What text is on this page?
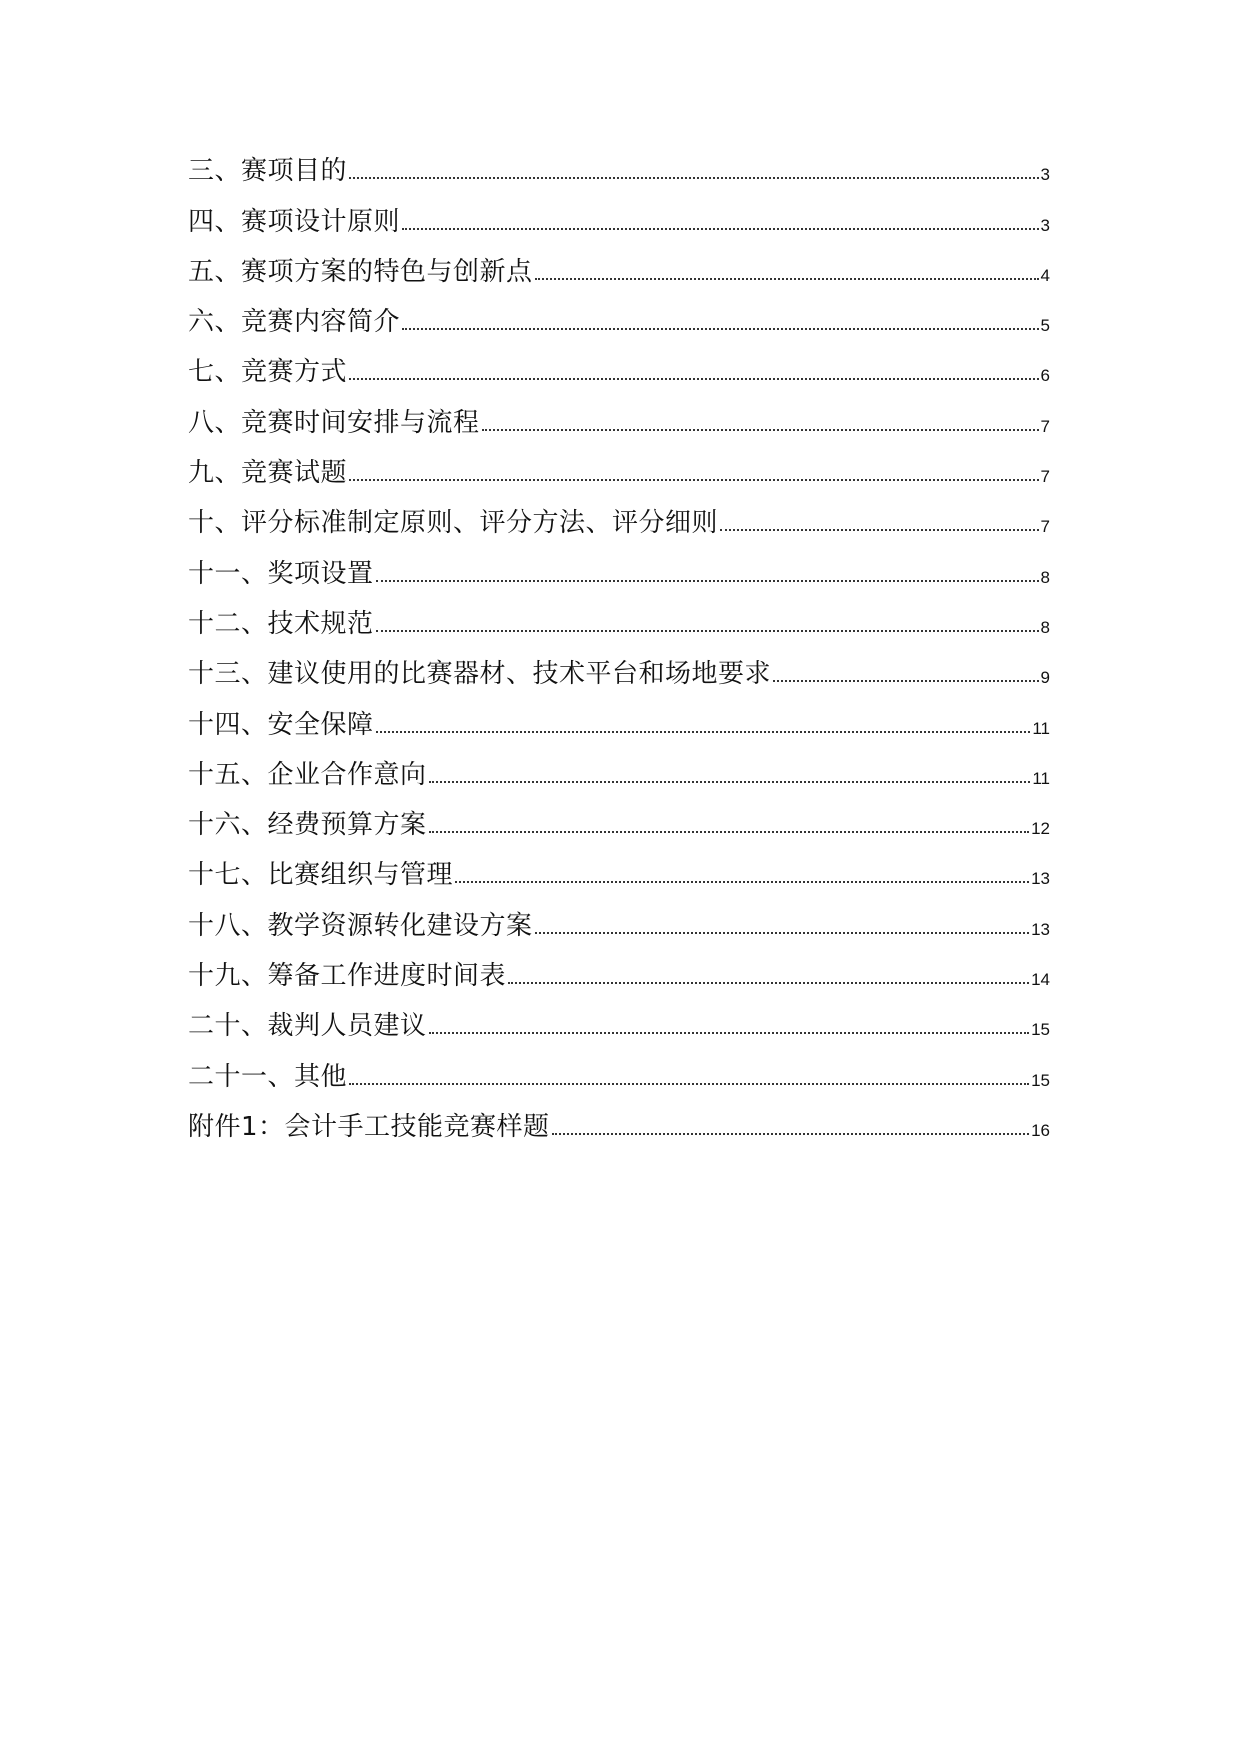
三、赛项目的	3
四、赛项设计原则	3
五、赛项方案的特色与创新点	4
六、竞赛内容简介	5
七、竞赛方式	6
八、竞赛时间安排与流程	7
九、竞赛试题	7
十、评分标准制定原则、评分方法、评分细则	7
十一、奖项设置	8
十二、技术规范	8
十三、建议使用的比赛器材、技术平台和场地要求	9
十四、安全保障	11
十五、企业合作意向	11
十六、经费预算方案	12
十七、比赛组织与管理	13
十八、教学资源转化建设方案	13
十九、筹备工作进度时间表	14
二十、裁判人员建议	15
二十一、其他	15
附件1：会计手工技能竞赛样题	16
